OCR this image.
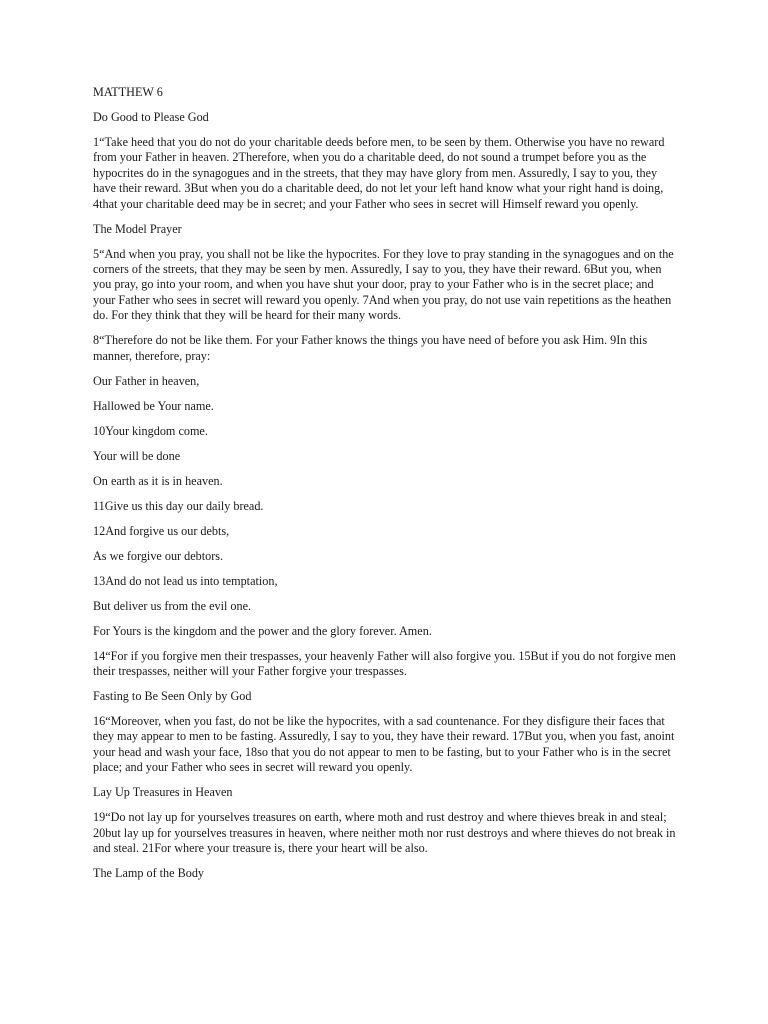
MATTHEW 6

Do Good to Please God

1“Take heed that you do not do your charitable deeds before men, to be seen by them. Otherwise you have no reward from your Father in heaven. 2Therefore, when you do a charitable deed, do not sound a trumpet before you as the hypocrites do in the synagogues and in the streets, that they may have glory from men. Assuredly, I say to you, they have their reward. 3But when you do a charitable deed, do not let your left hand know what your right hand is doing, 4that your charitable deed may be in secret; and your Father who sees in secret will Himself reward you openly.

The Model Prayer

5“And when you pray, you shall not be like the hypocrites. For they love to pray standing in the synagogues and on the corners of the streets, that they may be seen by men. Assuredly, I say to you, they have their reward. 6But you, when you pray, go into your room, and when you have shut your door, pray to your Father who is in the secret place; and your Father who sees in secret will reward you openly. 7And when you pray, do not use vain repetitions as the heathen do. For they think that they will be heard for their many words.

8“Therefore do not be like them. For your Father knows the things you have need of before you ask Him. 9In this manner, therefore, pray:

Our Father in heaven,

Hallowed be Your name.

10Your kingdom come.

Your will be done

On earth as it is in heaven.

11Give us this day our daily bread.

12And forgive us our debts,

As we forgive our debtors.

13And do not lead us into temptation,

But deliver us from the evil one.

For Yours is the kingdom and the power and the glory forever. Amen.

14“For if you forgive men their trespasses, your heavenly Father will also forgive you. 15But if you do not forgive men their trespasses, neither will your Father forgive your trespasses.

Fasting to Be Seen Only by God

16“Moreover, when you fast, do not be like the hypocrites, with a sad countenance. For they disfigure their faces that they may appear to men to be fasting. Assuredly, I say to you, they have their reward. 17But you, when you fast, anoint your head and wash your face, 18so that you do not appear to men to be fasting, but to your Father who is in the secret place; and your Father who sees in secret will reward you openly.

Lay Up Treasures in Heaven

19“Do not lay up for yourselves treasures on earth, where moth and rust destroy and where thieves break in and steal; 20but lay up for yourselves treasures in heaven, where neither moth nor rust destroys and where thieves do not break in and steal. 21For where your treasure is, there your heart will be also.

The Lamp of the Body
